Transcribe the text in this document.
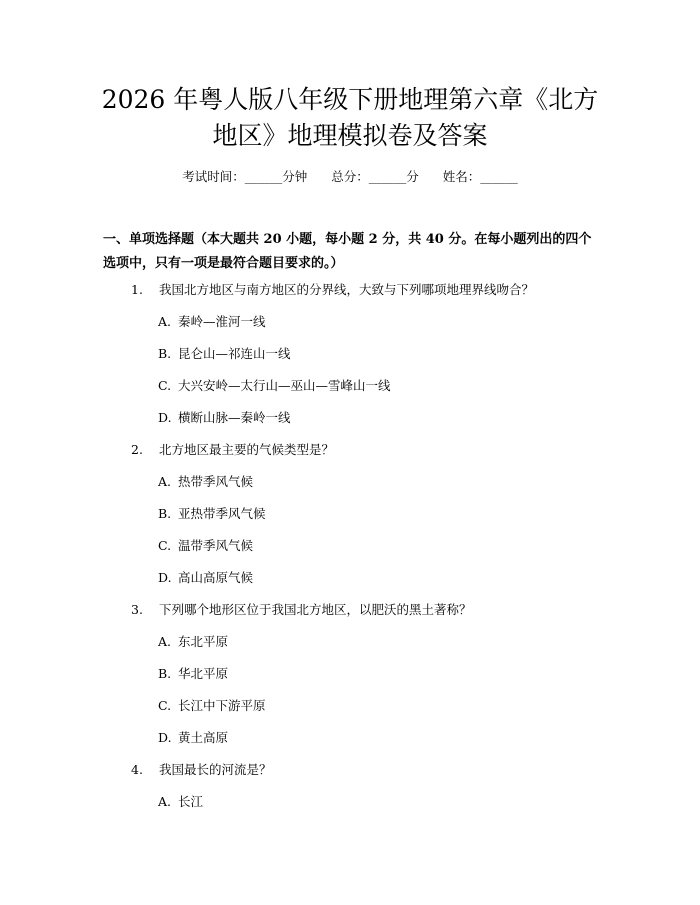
2026 年粤人版八年级下册地理第六章《北方
地区》地理模拟卷及答案
考试时间：______分钟 总分：______分 姓名：______

一、单项选择题（本大题共 20 小题，每小题 2 分，共 40 分。在每小题列出的四个选项中，只有一项是最符合题目要求的。）

1. 我国北方地区与南方地区的分界线，大致与下列哪项地理界线吻合？
A. 秦岭—淮河一线
B. 昆仑山—祁连山一线
C. 大兴安岭—太行山—巫山—雪峰山一线
D. 横断山脉—秦岭一线
2. 北方地区最主要的气候类型是？
A. 热带季风气候
B. 亚热带季风气候
C. 温带季风气候
D. 高山高原气候
3. 下列哪个地形区位于我国北方地区，以肥沃的黑土著称？
A. 东北平原
B. 华北平原
C. 长江中下游平原
D. 黄土高原
4. 我国最长的河流是？
A. 长江
